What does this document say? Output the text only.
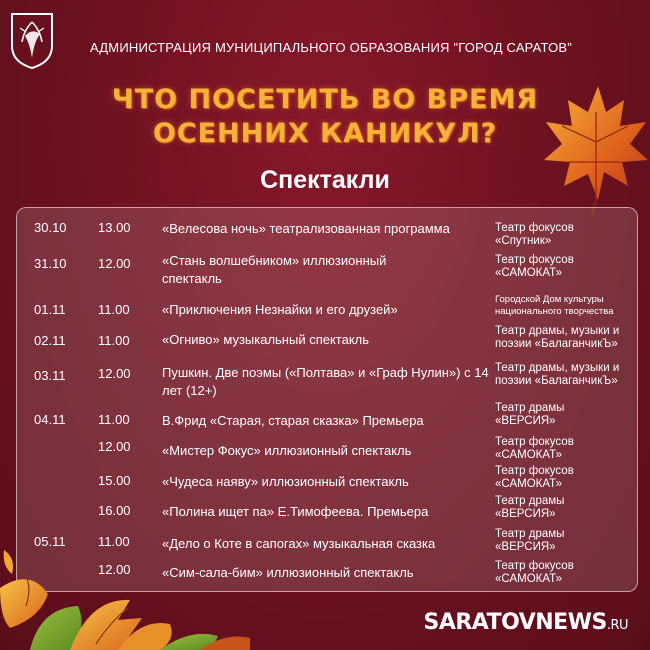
АДМИНИСТРАЦИЯ МУНИЦИПАЛЬНОГО ОБРАЗОВАНИЯ "ГОРОД САРАТОВ"
ЧТО ПОСЕТИТЬ ВО ВРЕМЯ
ОСЕННИХ КАНИКУЛ?
Спектакли
30.10 13.00 «Велесова ночь» театрализованная программа	Театр фокусов «Спутник»
31.10 12.00 «Стань волшебником» иллюзионный спектакль
Театр фокусов «САМОКАТ»
01.11 11.00 «Приключения Незнайки и его друзей»
Городской Дом культуры национального творчества
02.11 11.00 «Огниво» музыкальный спектакль
Театр драмы, музыки и поэзии «БалаганчикЪ»
03.11 12.00 Пушкин. Две поэмы («Полтава» и «Граф Нулин») с 14 лет (12+)
Театр драмы, музыки и поэзии «БалаганчикЪ»
04.11 11.00 В.Фрид «Старая, старая сказка» Премьера
Театр драмы «ВЕРСИЯ»
12.00 «Мистер Фокус» иллюзионный спектакль
Театр фокусов «САМОКАТ»
15.00 «Чудеса наяву» иллюзионный спектакль
Театр фокусов «САМОКАТ»
16.00 «Полина ищет па» Е.Тимофеева. Премьера
Театр драмы «ВЕРСИЯ»
05.11 11.00 «Дело о Коте в сапогах» музыкальная сказка
Театр драмы «ВЕРСИЯ»
12.00 «Сим-сала-бим» иллюзионный спектакль	Театр фокусов «САМОКАТ»
SARATOVNEWS.RU
